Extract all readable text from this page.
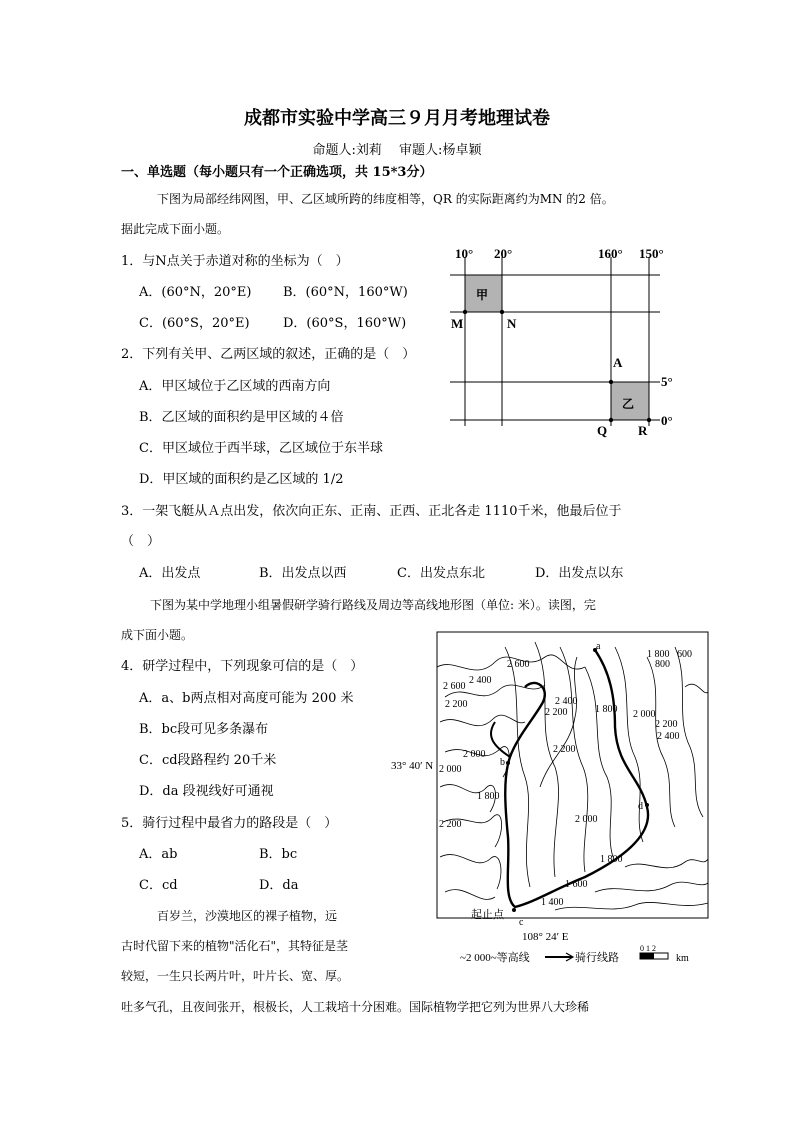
成都市实验中学高三９月月考地理试卷
命题人:刘莉　 审题人:杨卓颖
一、单选题（每小题只有一个正确选项，共 15*3分）
下图为局部经纬网图，甲、乙区域所跨的纬度相等，QR 的实际距离约为MN 的2 倍。
据此完成下面小题。
1．与N点关于赤道对称的坐标为（　）
A．(60°N，20°E) B．(60°N，160°W)
C．(60°S，20°E)	D．(60°S，160°W)
2．下列有关甲、乙两区域的叙述，正确的是（　）
A．甲区域位于乙区域的西南方向
B．乙区域的面积约是甲区域的４倍
C．甲区域位于西半球，乙区域位于东半球
D．甲区域的面积约是乙区域的 1/2
3．一架飞艇从Ａ点出发，依次向正东、正南、正西、正北各走 1110千米，他最后位于
（　）
A．出发点	B．出发点以西	C．出发点东北	D．出发点以东
下图为某中学地理小组暑假研学骑行路线及周边等高线地形图（单位: 米）。读图，完
成下面小题。
4．研学过程中，下列现象可信的是（　）
A．a、b两点相对高度可能为 200 米
B．bc段可见多条瀑布
C．cd段路程约 20千米
D．da 段视线好可通视
5．骑行过程中最省力的路段是（　）
A．ab	B．bc
C．cd	D．da
百岁兰，沙漠地区的裸子植物，远
古时代留下来的植物"活化石"，其特征是茎
较短，一生只长两片叶，叶片长、宽、厚。
吐多气孔，且夜间张开，根极长，人工栽培十分困难。国际植物学把它列为世界八大珍稀
10° 20°	160° 150°
5°
0°
甲
乙
M	N
A
Q R
a
b
c
d
起止点
2 600
2 600
2 400
2 200	2 400
2 200
2 200
2 000
2 000
1 800
2 200	2 000
1 800 2 000
2 200
2 400
1 800
800
600
1 800
1 600
1 400
33° 40′ N
108° 24′ E
~2 000~等高线	骑行线路
0 1 2
km
